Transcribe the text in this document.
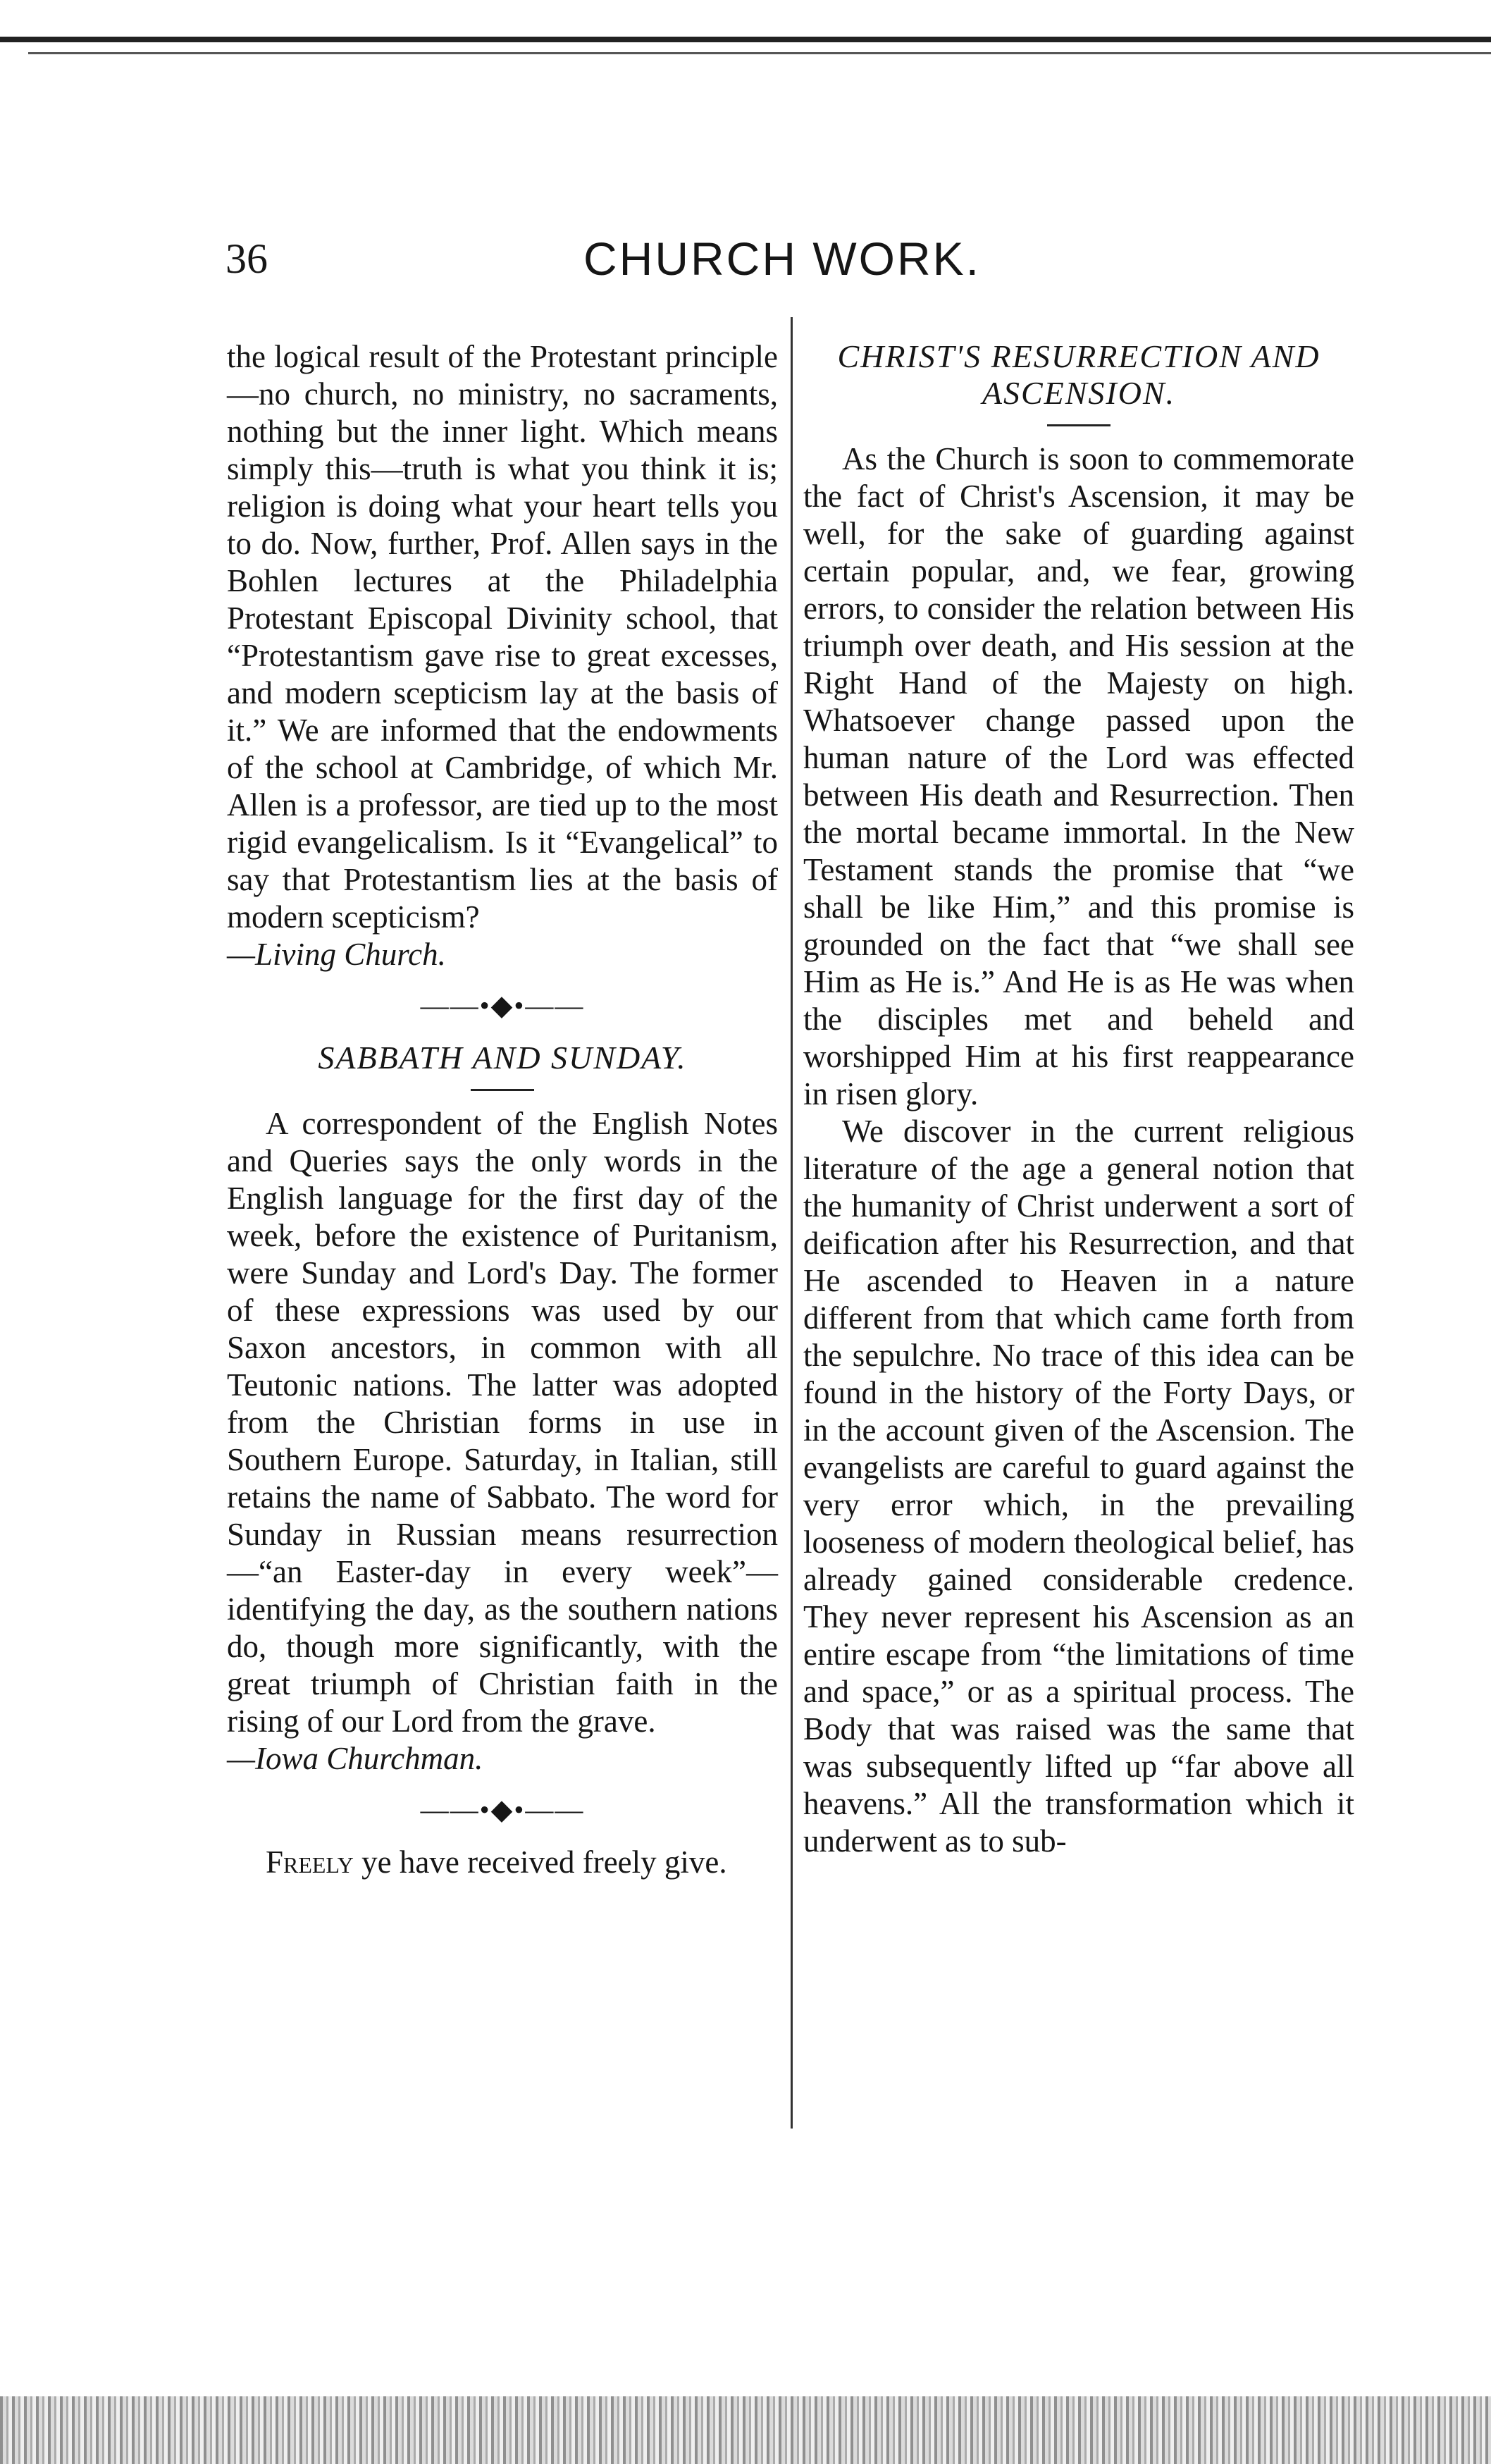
36	CHURCH WORK.

the logical result of the Protestant principle—no church, no ministry, no sacraments, nothing but the inner light. Which means simply this—truth is what you think it is; religion is doing what your heart tells you to do. Now, further, Prof. Allen says in the Bohlen lectures at the Philadelphia Protestant Episcopal Divinity school, that “Protestantism gave rise to great excesses, and modern scepticism lay at the basis of it.” We are informed that the endowments of the school at Cambridge, of which Mr. Allen is a professor, are tied up to the most rigid evangelicalism. Is it “Evangelical” to say that Protestantism lies at the basis of modern scepticism?

—Living Church.

——•◆•——
SABBATH AND SUNDAY.

A correspondent of the English Notes and Queries says the only words in the English language for the first day of the week, before the existence of Puritanism, were Sunday and Lord's Day. The former of these expressions was used by our Saxon ancestors, in common with all Teutonic nations. The latter was adopted from the Christian forms in use in Southern Europe. Saturday, in Italian, still retains the name of Sabbato. The word for Sunday in Russian means resurrection—“an Easter-day in every week”—identifying the day, as the southern nations do, though more significantly, with the great triumph of Christian faith in the rising of our Lord from the grave.

—Iowa Churchman.

——•◆•——

Freely ye have received freely give.

CHRIST'S RESURRECTION AND ASCENSION.

As the Church is soon to commemorate the fact of Christ's Ascension, it may be well, for the sake of guarding against certain popular, and, we fear, growing errors, to consider the relation between His triumph over death, and His session at the Right Hand of the Majesty on high. Whatsoever change passed upon the human nature of the Lord was effected between His death and Resurrection. Then the mortal became immortal. In the New Testament stands the promise that “we shall be like Him,” and this promise is grounded on the fact that “we shall see Him as He is.” And He is as He was when the disciples met and beheld and worshipped Him at his first reappearance in risen glory.

We discover in the current religious literature of the age a general notion that the humanity of Christ underwent a sort of deification after his Resurrection, and that He ascended to Heaven in a nature different from that which came forth from the sepulchre. No trace of this idea can be found in the history of the Forty Days, or in the account given of the Ascension. The evangelists are careful to guard against the very error which, in the prevailing looseness of modern theological belief, has already gained considerable credence. They never represent his Ascension as an entire escape from “the limitations of time and space,” or as a spiritual process. The Body that was raised was the same that was subsequently lifted up “far above all heavens.” All the transformation which it underwent as to sub-
